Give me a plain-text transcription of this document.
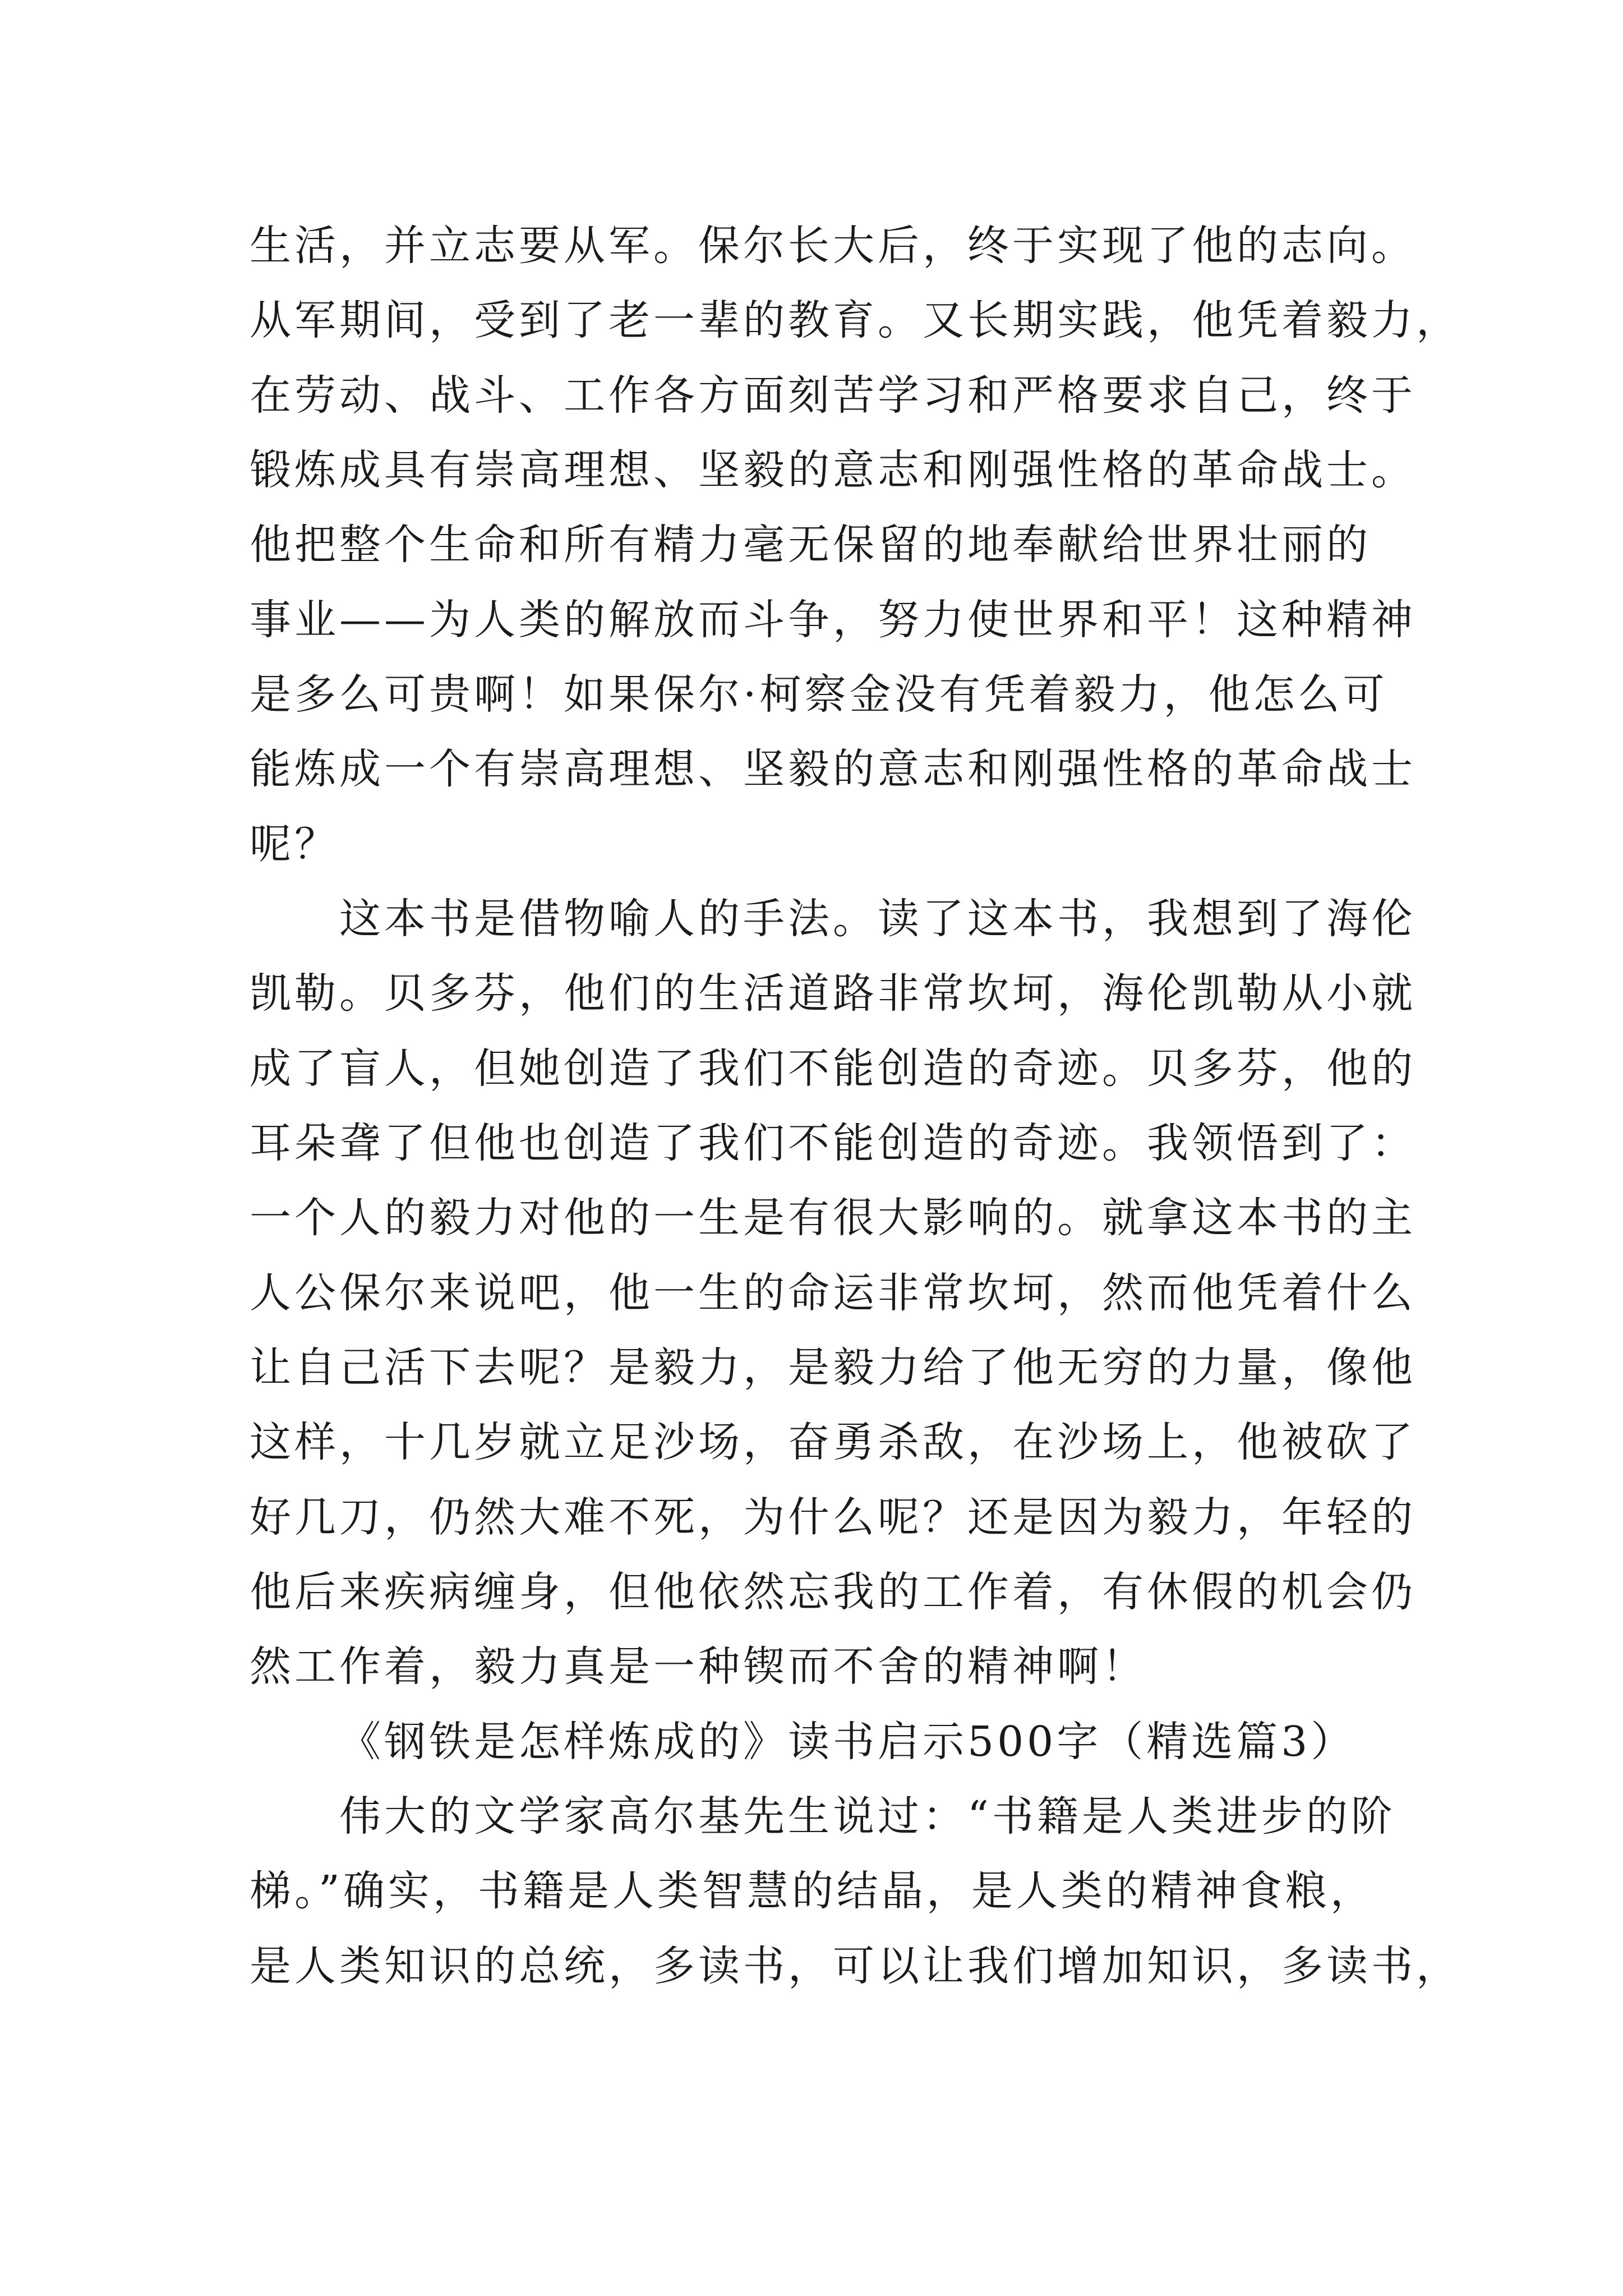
生活，并立志要从军。保尔长大后，终于实现了他的志向。
从军期间，受到了老一辈的教育。又长期实践，他凭着毅力，
在劳动、战斗、工作各方面刻苦学习和严格要求自己，终于
锻炼成具有崇高理想、坚毅的意志和刚强性格的革命战士。
他把整个生命和所有精力毫无保留的地奉献给世界壮丽的
事业——为人类的解放而斗争，努力使世界和平！这种精神
是多么可贵啊！如果保尔·柯察金没有凭着毅力，他怎么可
能炼成一个有崇高理想、坚毅的意志和刚强性格的革命战士
呢？
这本书是借物喻人的手法。读了这本书，我想到了海伦
凯勒。贝多芬，他们的生活道路非常坎坷，海伦凯勒从小就
成了盲人，但她创造了我们不能创造的奇迹。贝多芬，他的
耳朵聋了但他也创造了我们不能创造的奇迹。我领悟到了：
一个人的毅力对他的一生是有很大影响的。就拿这本书的主
人公保尔来说吧，他一生的命运非常坎坷，然而他凭着什么
让自己活下去呢？是毅力，是毅力给了他无穷的力量，像他
这样，十几岁就立足沙场，奋勇杀敌，在沙场上，他被砍了
好几刀，仍然大难不死，为什么呢？还是因为毅力，年轻的
他后来疾病缠身，但他依然忘我的工作着，有休假的机会仍
然工作着，毅力真是一种锲而不舍的精神啊！
《钢铁是怎样炼成的》读书启示500字（精选篇3）
伟大的文学家高尔基先生说过：“书籍是人类进步的阶
梯。”确实，书籍是人类智慧的结晶，是人类的精神食粮，
是人类知识的总统，多读书，可以让我们增加知识，多读书，
